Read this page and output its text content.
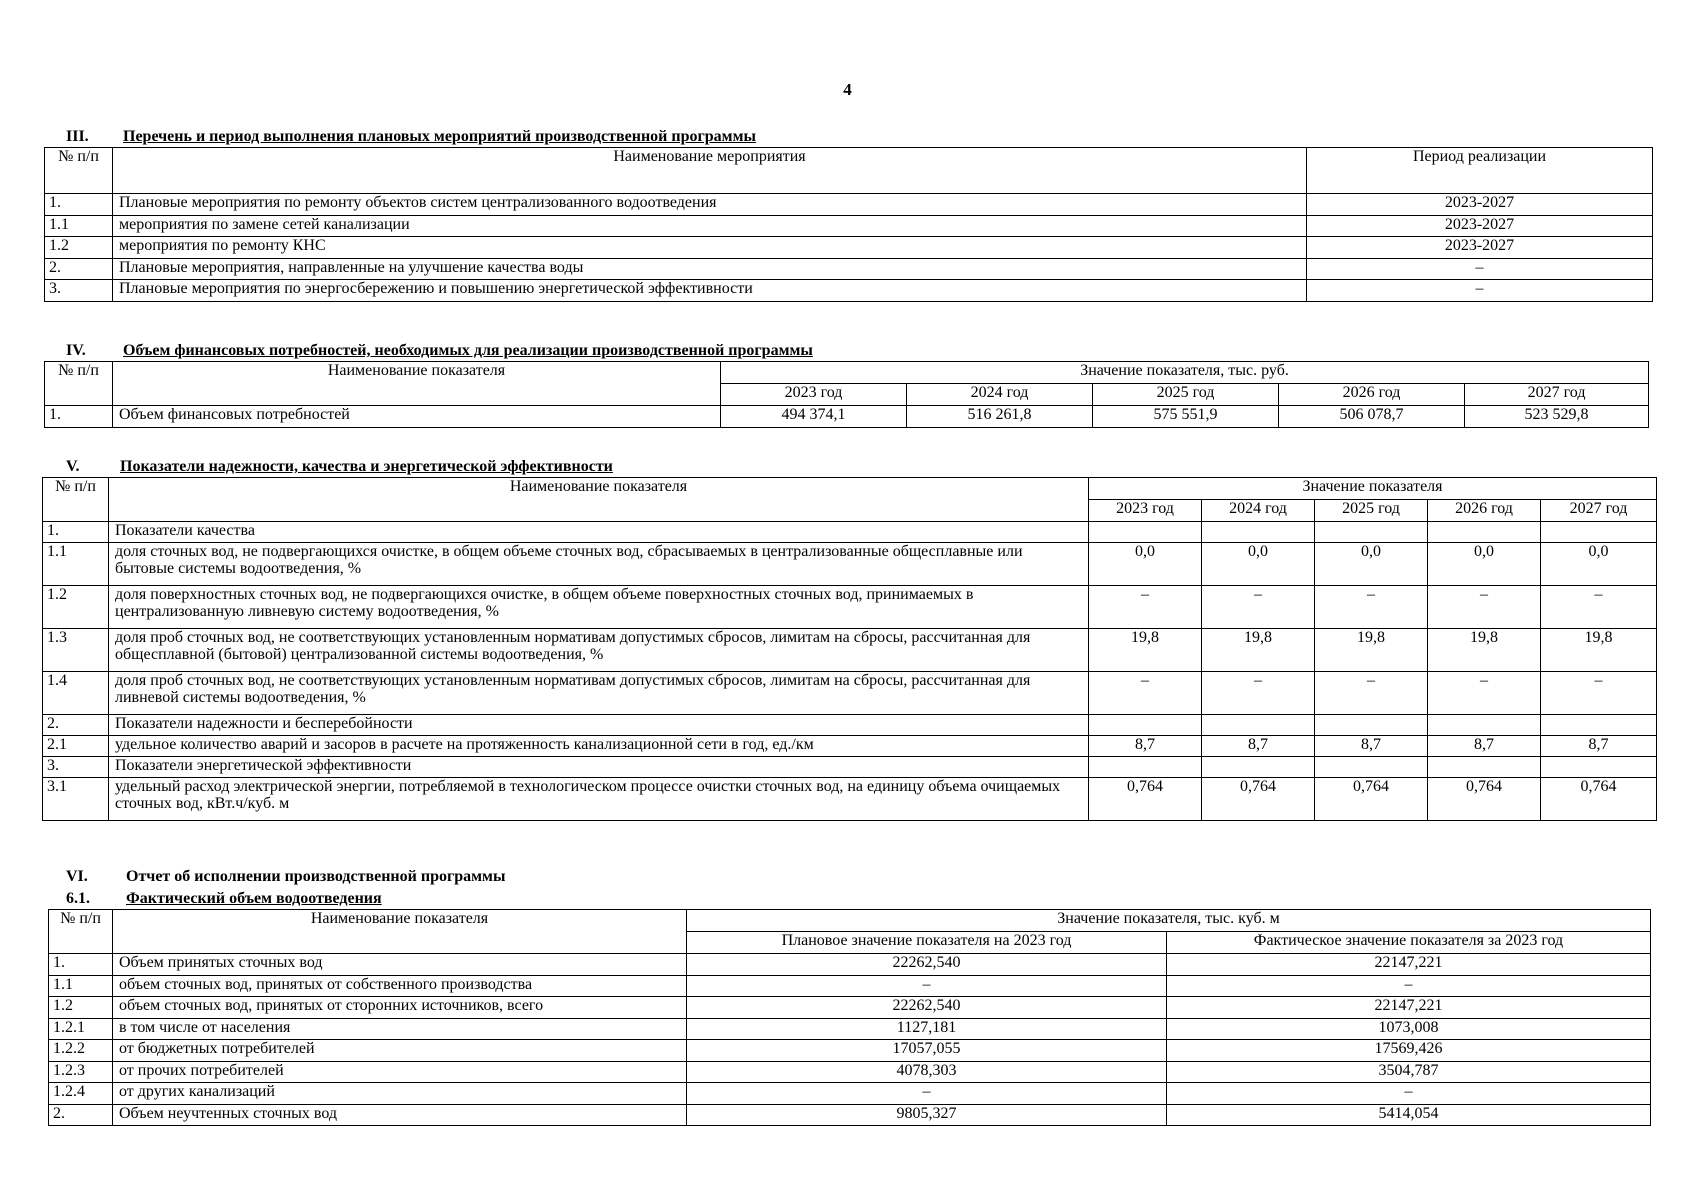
4
III. Перечень и период выполнения плановых мероприятий производственной программы
№ п/п	Наименование мероприятия	Период реализации
1.	Плановые мероприятия по ремонту объектов систем централизованного водоотведения	2023-2027
1.1	мероприятия по замене сетей канализации	2023-2027
1.2	мероприятия по ремонту КНС	2023-2027
2.	Плановые мероприятия, направленные на улучшение качества воды	–
3.	Плановые мероприятия по энергосбережению и повышению энергетической эффективности	–
IV. Объем финансовых потребностей, необходимых для реализации производственной программы
№ п/п	Наименование показателя	Значение показателя, тыс. руб.				
		2023 год	2024 год	2025 год	2026 год	2027 год
1.	Объем финансовых потребностей	494 374,1	516 261,8	575 551,9	506 078,7	523 529,8
V.	Показатели надежности, качества и энергетической эффективности
№ п/п	Наименование показателя	Значение показателя				
		2023 год	2024 год	2025 год	2026 год	2027 год
1.	Показатели качества					
1.1	доля сточных вод, не подвергающихся очистке, в общем объеме сточных вод, сбрасываемых в централизованные общесплавные или бытовые системы водоотведения, %	0,0	0,0	0,0	0,0	0,0
1.2	доля поверхностных сточных вод, не подвергающихся очистке, в общем объеме поверхностных сточных вод, принимаемых в централизованную ливневую систему водоотведения, %	–	–	–	–	–
1.3	доля проб сточных вод, не соответствующих установленным нормативам допустимых сбросов, лимитам на сбросы, рассчитанная для общесплавной (бытовой) централизованной системы водоотведения, %	19,8	19,8	19,8	19,8	19,8
1.4	доля проб сточных вод, не соответствующих установленным нормативам допустимых сбросов, лимитам на сбросы, рассчитанная для ливневой системы водоотведения, %	–	–	–	–	–
2.	Показатели надежности и бесперебойности					
2.1	удельное количество аварий и засоров в расчете на протяженность канализационной сети в год, ед./км	8,7	8,7	8,7	8,7	8,7
3.	Показатели энергетической эффективности					
3.1	удельный расход электрической энергии, потребляемой в технологическом процессе очистки сточных вод, на единицу объема очищаемых сточных вод, кВт.ч/куб. м	0,764	0,764	0,764	0,764	0,764
VI. Отчет об исполнении производственной программы
6.1. Фактический объем водоотведения
№ п/п	Наименование показателя	Значение показателя, тыс. куб. м	
		Плановое значение показателя на 2023 год	Фактическое значение показателя за 2023 год
1.	Объем принятых сточных вод	22262,540	22147,221
1.1	объем сточных вод, принятых от собственного производства	–	–
1.2	объем сточных вод, принятых от сторонних источников, всего	22262,540	22147,221
1.2.1	в том числе от населения	1127,181	1073,008
1.2.2	от бюджетных потребителей	17057,055	17569,426
1.2.3	от прочих потребителей	4078,303	3504,787
1.2.4	от других канализаций	–	–
2.	Объем неучтенных сточных вод	9805,327	5414,054
